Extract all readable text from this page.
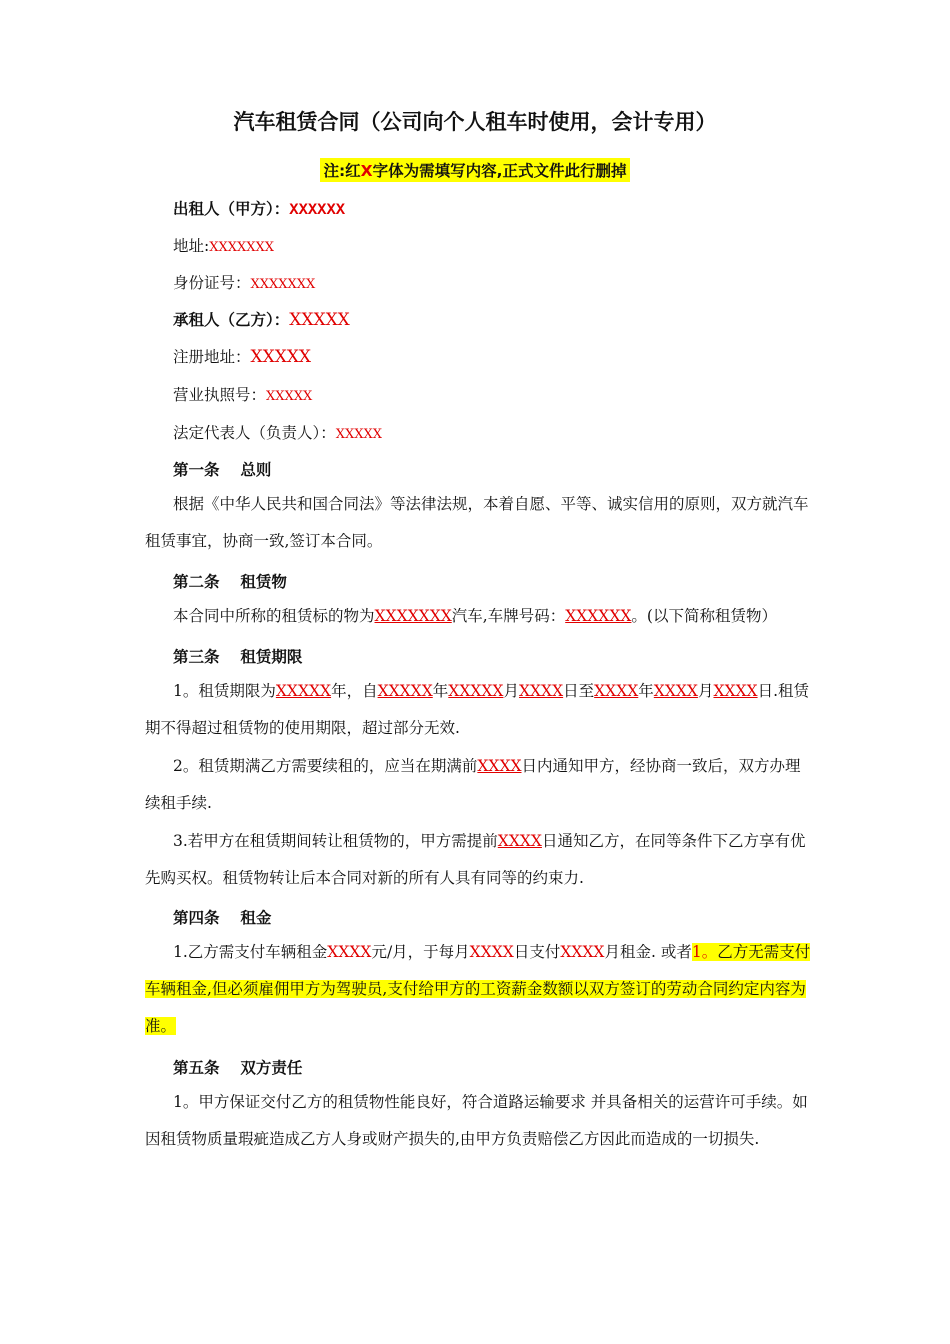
汽车租赁合同（公司向个人租车时使用，会计专用）
注:红X字体为需填写内容,正式文件此行删掉
出租人（甲方）：XXXXXX
地址:XXXXXXX
身份证号：XXXXXXX
承租人（乙方）：XXXXX
注册地址：XXXXX
营业执照号：XXXXX
法定代表人（负责人）：XXXXX
第一条　 总则
根据《中华人民共和国合同法》等法律法规，本着自愿、平等、诚实信用的原则，双方就汽车租赁事宜，协商一致,签订本合同。
第二条　 租赁物
本合同中所称的租赁标的物为XXXXXXX汽车,车牌号码：XXXXXX。(以下简称租赁物）
第三条　 租赁期限
1。租赁期限为XXXXX年，自XXXXX年XXXXX月XXXX日至XXXX年XXXX月XXXX日.租赁期不得超过租赁物的使用期限，超过部分无效.
2。租赁期满乙方需要续租的，应当在期满前XXXX日内通知甲方，经协商一致后，双方办理续租手续.
3.若甲方在租赁期间转让租赁物的，甲方需提前XXXX日通知乙方，在同等条件下乙方享有优先购买权。租赁物转让后本合同对新的所有人具有同等的约束力.
第四条　 租金
1.乙方需支付车辆租金XXXX元/月，于每月XXXX日支付XXXX月租金. 或者1。乙方无需支付车辆租金,但必须雇佣甲方为驾驶员,支付给甲方的工资薪金数额以双方签订的劳动合同约定内容为准。
第五条　 双方责任
1。甲方保证交付乙方的租赁物性能良好，符合道路运输要求 并具备相关的运营许可手续。如因租赁物质量瑕疵造成乙方人身或财产损失的,由甲方负责赔偿乙方因此而造成的一切损失.
